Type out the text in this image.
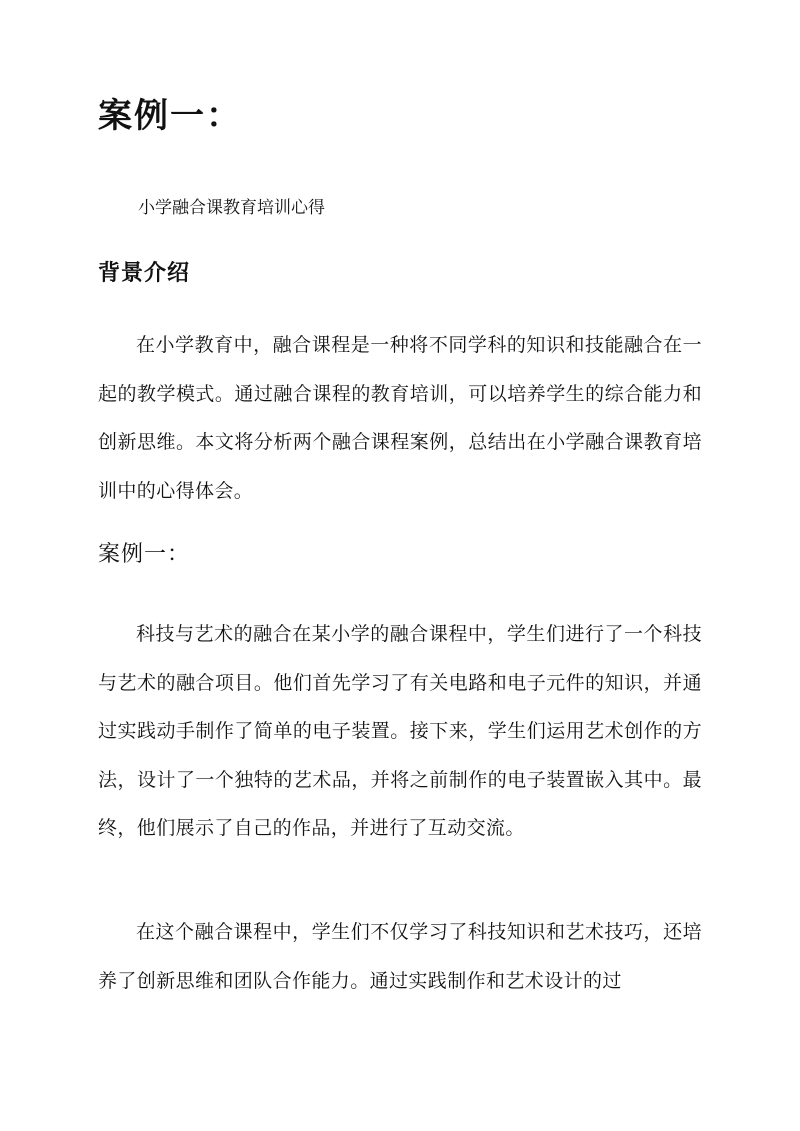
案例一：

小学融合课教育培训心得

背景介绍

在小学教育中，融合课程是一种将不同学科的知识和技能融合在一起的教学模式。通过融合课程的教育培训，可以培养学生的综合能力和创新思维。本文将分析两个融合课程案例，总结出在小学融合课教育培训中的心得体会。

案例一：

科技与艺术的融合在某小学的融合课程中，学生们进行了一个科技与艺术的融合项目。他们首先学习了有关电路和电子元件的知识，并通过实践动手制作了简单的电子装置。接下来，学生们运用艺术创作的方法，设计了一个独特的艺术品，并将之前制作的电子装置嵌入其中。最终，他们展示了自己的作品，并进行了互动交流。

在这个融合课程中，学生们不仅学习了科技知识和艺术技巧，还培养了创新思维和团队合作能力。通过实践制作和艺术设计的过
